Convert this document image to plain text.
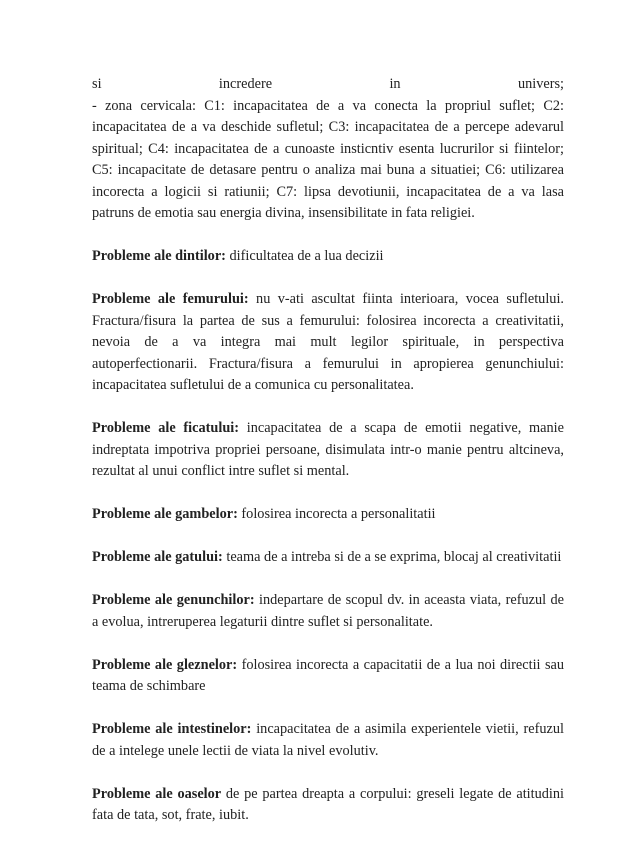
si	incredere	in	univers;
- zona cervicala: C1: incapacitatea de a va conecta la propriul suflet; C2: incapacitatea de a va deschide sufletul; C3: incapacitatea de a percepe adevarul spiritual; C4: incapacitatea de a cunoaste insticntiv esenta lucrurilor si fiintelor; C5: incapacitate de detasare pentru o analiza mai buna a situatiei; C6: utilizarea incorecta a logicii si ratiunii; C7: lipsa devotiunii, incapacitatea de a va lasa patruns de emotia sau energia divina, insensibilitate in fata religiei.

Probleme ale dintilor: dificultatea de a lua decizii

Probleme ale femurului: nu v-ati ascultat fiinta interioara, vocea sufletului. Fractura/fisura la partea de sus a femurului: folosirea incorecta a creativitatii, nevoia de a va integra mai mult legilor spirituale, in perspectiva autoperfectionarii. Fractura/fisura a femurului in apropierea genunchiului: incapacitatea sufletului de a comunica cu personalitatea.

Probleme ale ficatului: incapacitatea de a scapa de emotii negative, manie indreptata impotriva propriei persoane, disimulata intr-o manie pentru altcineva, rezultat al unui conflict intre suflet si mental.

Probleme ale gambelor: folosirea incorecta a personalitatii

Probleme ale gatului: teama de a intreba si de a se exprima, blocaj al creativitatii

Probleme ale genunchilor: indepartare de scopul dv. in aceasta viata, refuzul de a evolua, intreruperea legaturii dintre suflet si personalitate.

Probleme ale gleznelor: folosirea incorecta a capacitatii de a lua noi directii sau teama de schimbare

Probleme ale intestinelor: incapacitatea de a asimila experientele vietii, refuzul de a intelege unele lectii de viata la nivel evolutiv.

Probleme ale oaselor de pe partea dreapta a corpului: greseli legate de atitudini fata de tata, sot, frate, iubit.
